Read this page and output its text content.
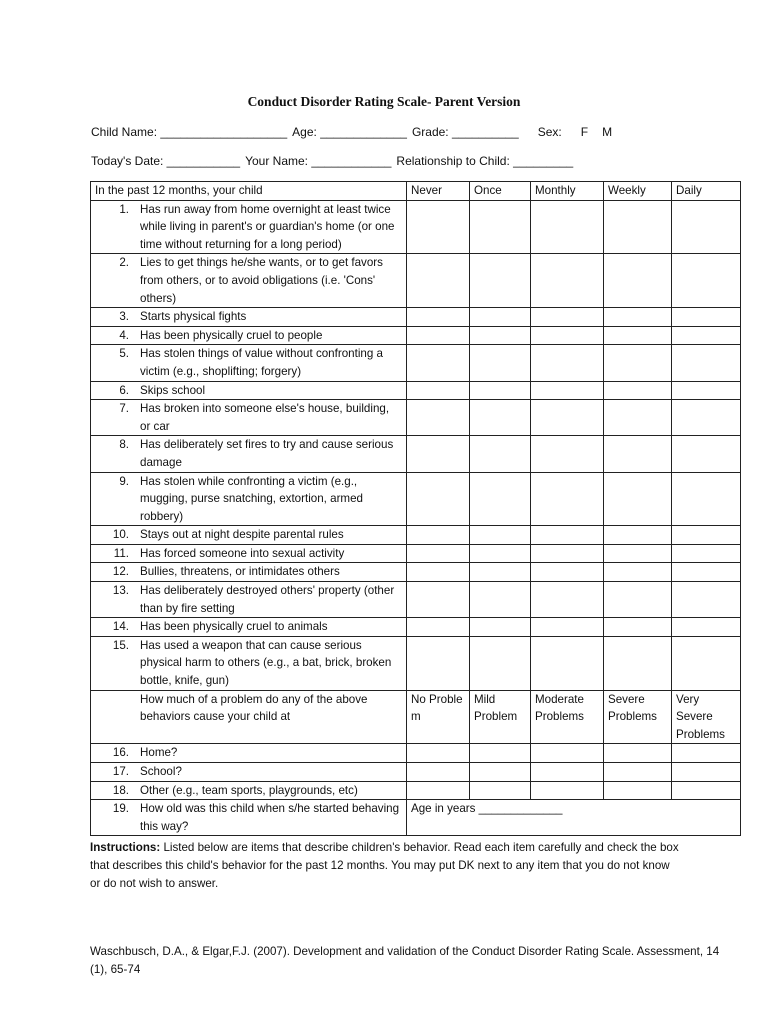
Conduct Disorder Rating Scale- Parent Version
Child Name: ___________________ Age: _____________ Grade: __________ Sex: F M
Today's Date: ___________ Your Name: ____________ Relationship to Child: _________
In the past 12 months, your child	Never	Once	Monthly	Weekly	Daily

1. Has run away from home overnight at least twice while living in parent's or guardian's home (or one time without returning for a long period)					

2. Lies to get things he/she wants, or to get favors from others, or to avoid obligations (i.e. 'Cons' others)					

3. Starts physical fights					

4. Has been physically cruel to people					

5. Has stolen things of value without confronting a victim (e.g., shoplifting; forgery)					

6. Skips school					

7. Has broken into someone else's house, building, or car					

8. Has deliberately set fires to try and cause serious damage					

9. Has stolen while confronting a victim (e.g., mugging, purse snatching, extortion, armed robbery)					

10. Stays out at night despite parental rules					

11. Has forced someone into sexual activity					

12. Bullies, threatens, or intimidates others					

13. Has deliberately destroyed others' property (other than by fire setting					

14. Has been physically cruel to animals					

15. Has used a weapon that can cause serious physical harm to others (e.g., a bat, brick, broken bottle, knife, gun)					

How much of a problem do any of the above behaviors cause your child at	No Proble m	Mild Problem	Moderate Problems	Severe Problems	Very Severe Problems

16. Home?					

17. School?					

18. Other (e.g., team sports, playgrounds, etc)					

19. How old was this child when s/he started behaving this way?	Age in years _____________				
Instructions: Listed below are items that describe children's behavior. Read each item carefully and check the box that describes this child's behavior for the past 12 months. You may put DK next to any item that you do not know or do not wish to answer.
Waschbusch, D.A., & Elgar,F.J. (2007). Development and validation of the Conduct Disorder Rating Scale. Assessment, 14 (1), 65-74
